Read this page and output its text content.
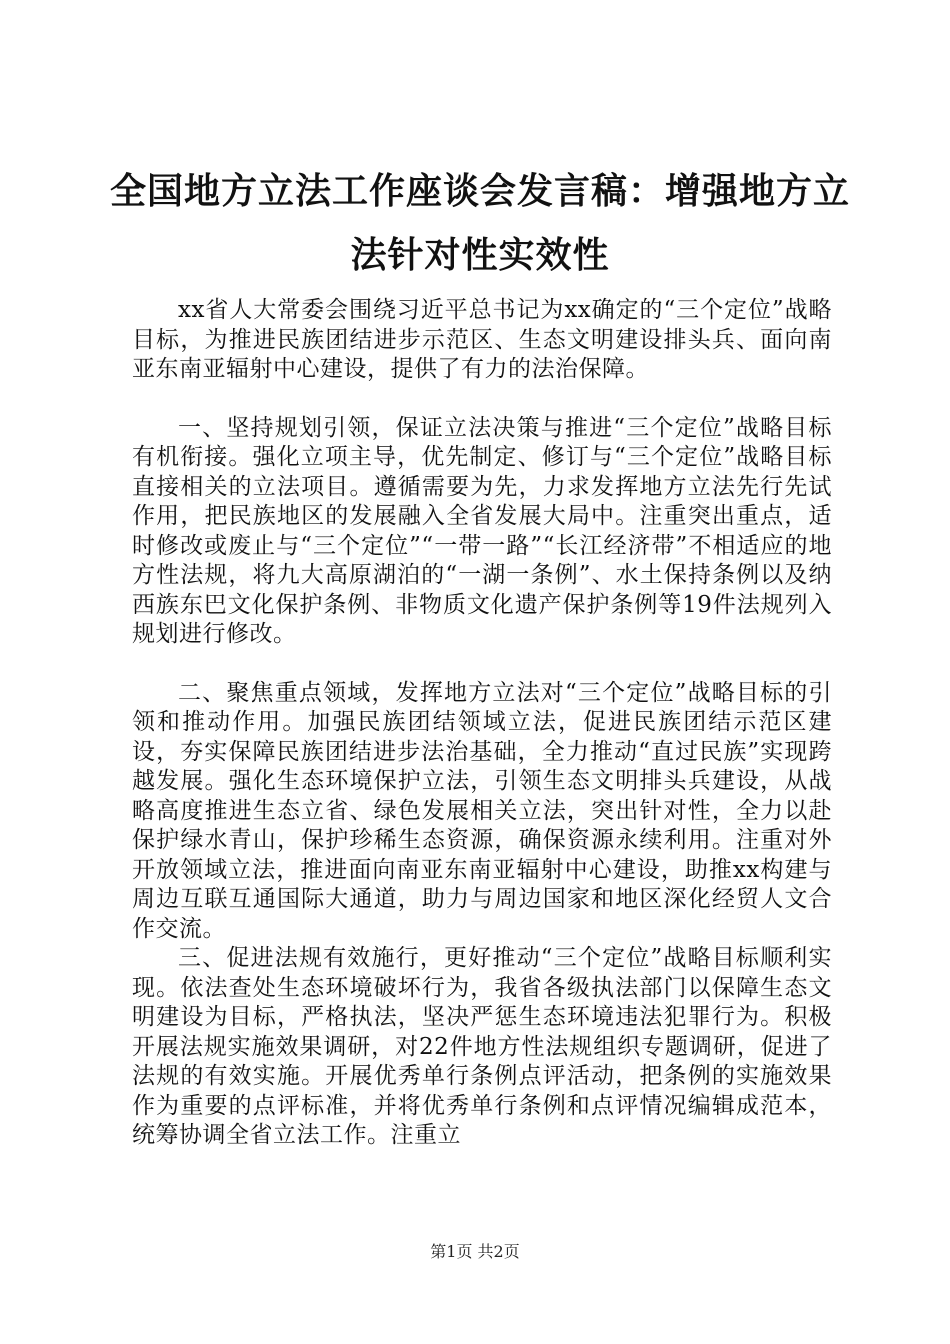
全国地方立法工作座谈会发言稿：增强地方立法针对性实效性

xx省人大常委会围绕习近平总书记为xx确定的“三个定位”战略目标，为推进民族团结进步示范区、生态文明建设排头兵、面向南亚东南亚辐射中心建设，提供了有力的法治保障。

一、坚持规划引领，保证立法决策与推进“三个定位”战略目标有机衔接。强化立项主导，优先制定、修订与“三个定位”战略目标直接相关的立法项目。遵循需要为先，力求发挥地方立法先行先试作用，把民族地区的发展融入全省发展大局中。注重突出重点，适时修改或废止与“三个定位”“一带一路”“长江经济带”不相适应的地方性法规，将九大高原湖泊的“一湖一条例”、水土保持条例以及纳西族东巴文化保护条例、非物质文化遗产保护条例等19件法规列入规划进行修改。

二、聚焦重点领域，发挥地方立法对“三个定位”战略目标的引领和推动作用。加强民族团结领域立法，促进民族团结示范区建设，夯实保障民族团结进步法治基础，全力推动“直过民族”实现跨越发展。强化生态环境保护立法，引领生态文明排头兵建设，从战略高度推进生态立省、绿色发展相关立法，突出针对性，全力以赴保护绿水青山，保护珍稀生态资源，确保资源永续利用。注重对外开放领域立法，推进面向南亚东南亚辐射中心建设，助推xx构建与周边互联互通国际大通道，助力与周边国家和地区深化经贸人文合作交流。

三、促进法规有效施行，更好推动“三个定位”战略目标顺利实现。依法查处生态环境破坏行为，我省各级执法部门以保障生态文明建设为目标，严格执法，坚决严惩生态环境违法犯罪行为。积极开展法规实施效果调研，对22件地方性法规组织专题调研，促进了法规的有效实施。开展优秀单行条例点评活动，把条例的实施效果作为重要的点评标准，并将优秀单行条例和点评情况编辑成范本，统筹协调全省立法工作。注重立

第1页 共2页
